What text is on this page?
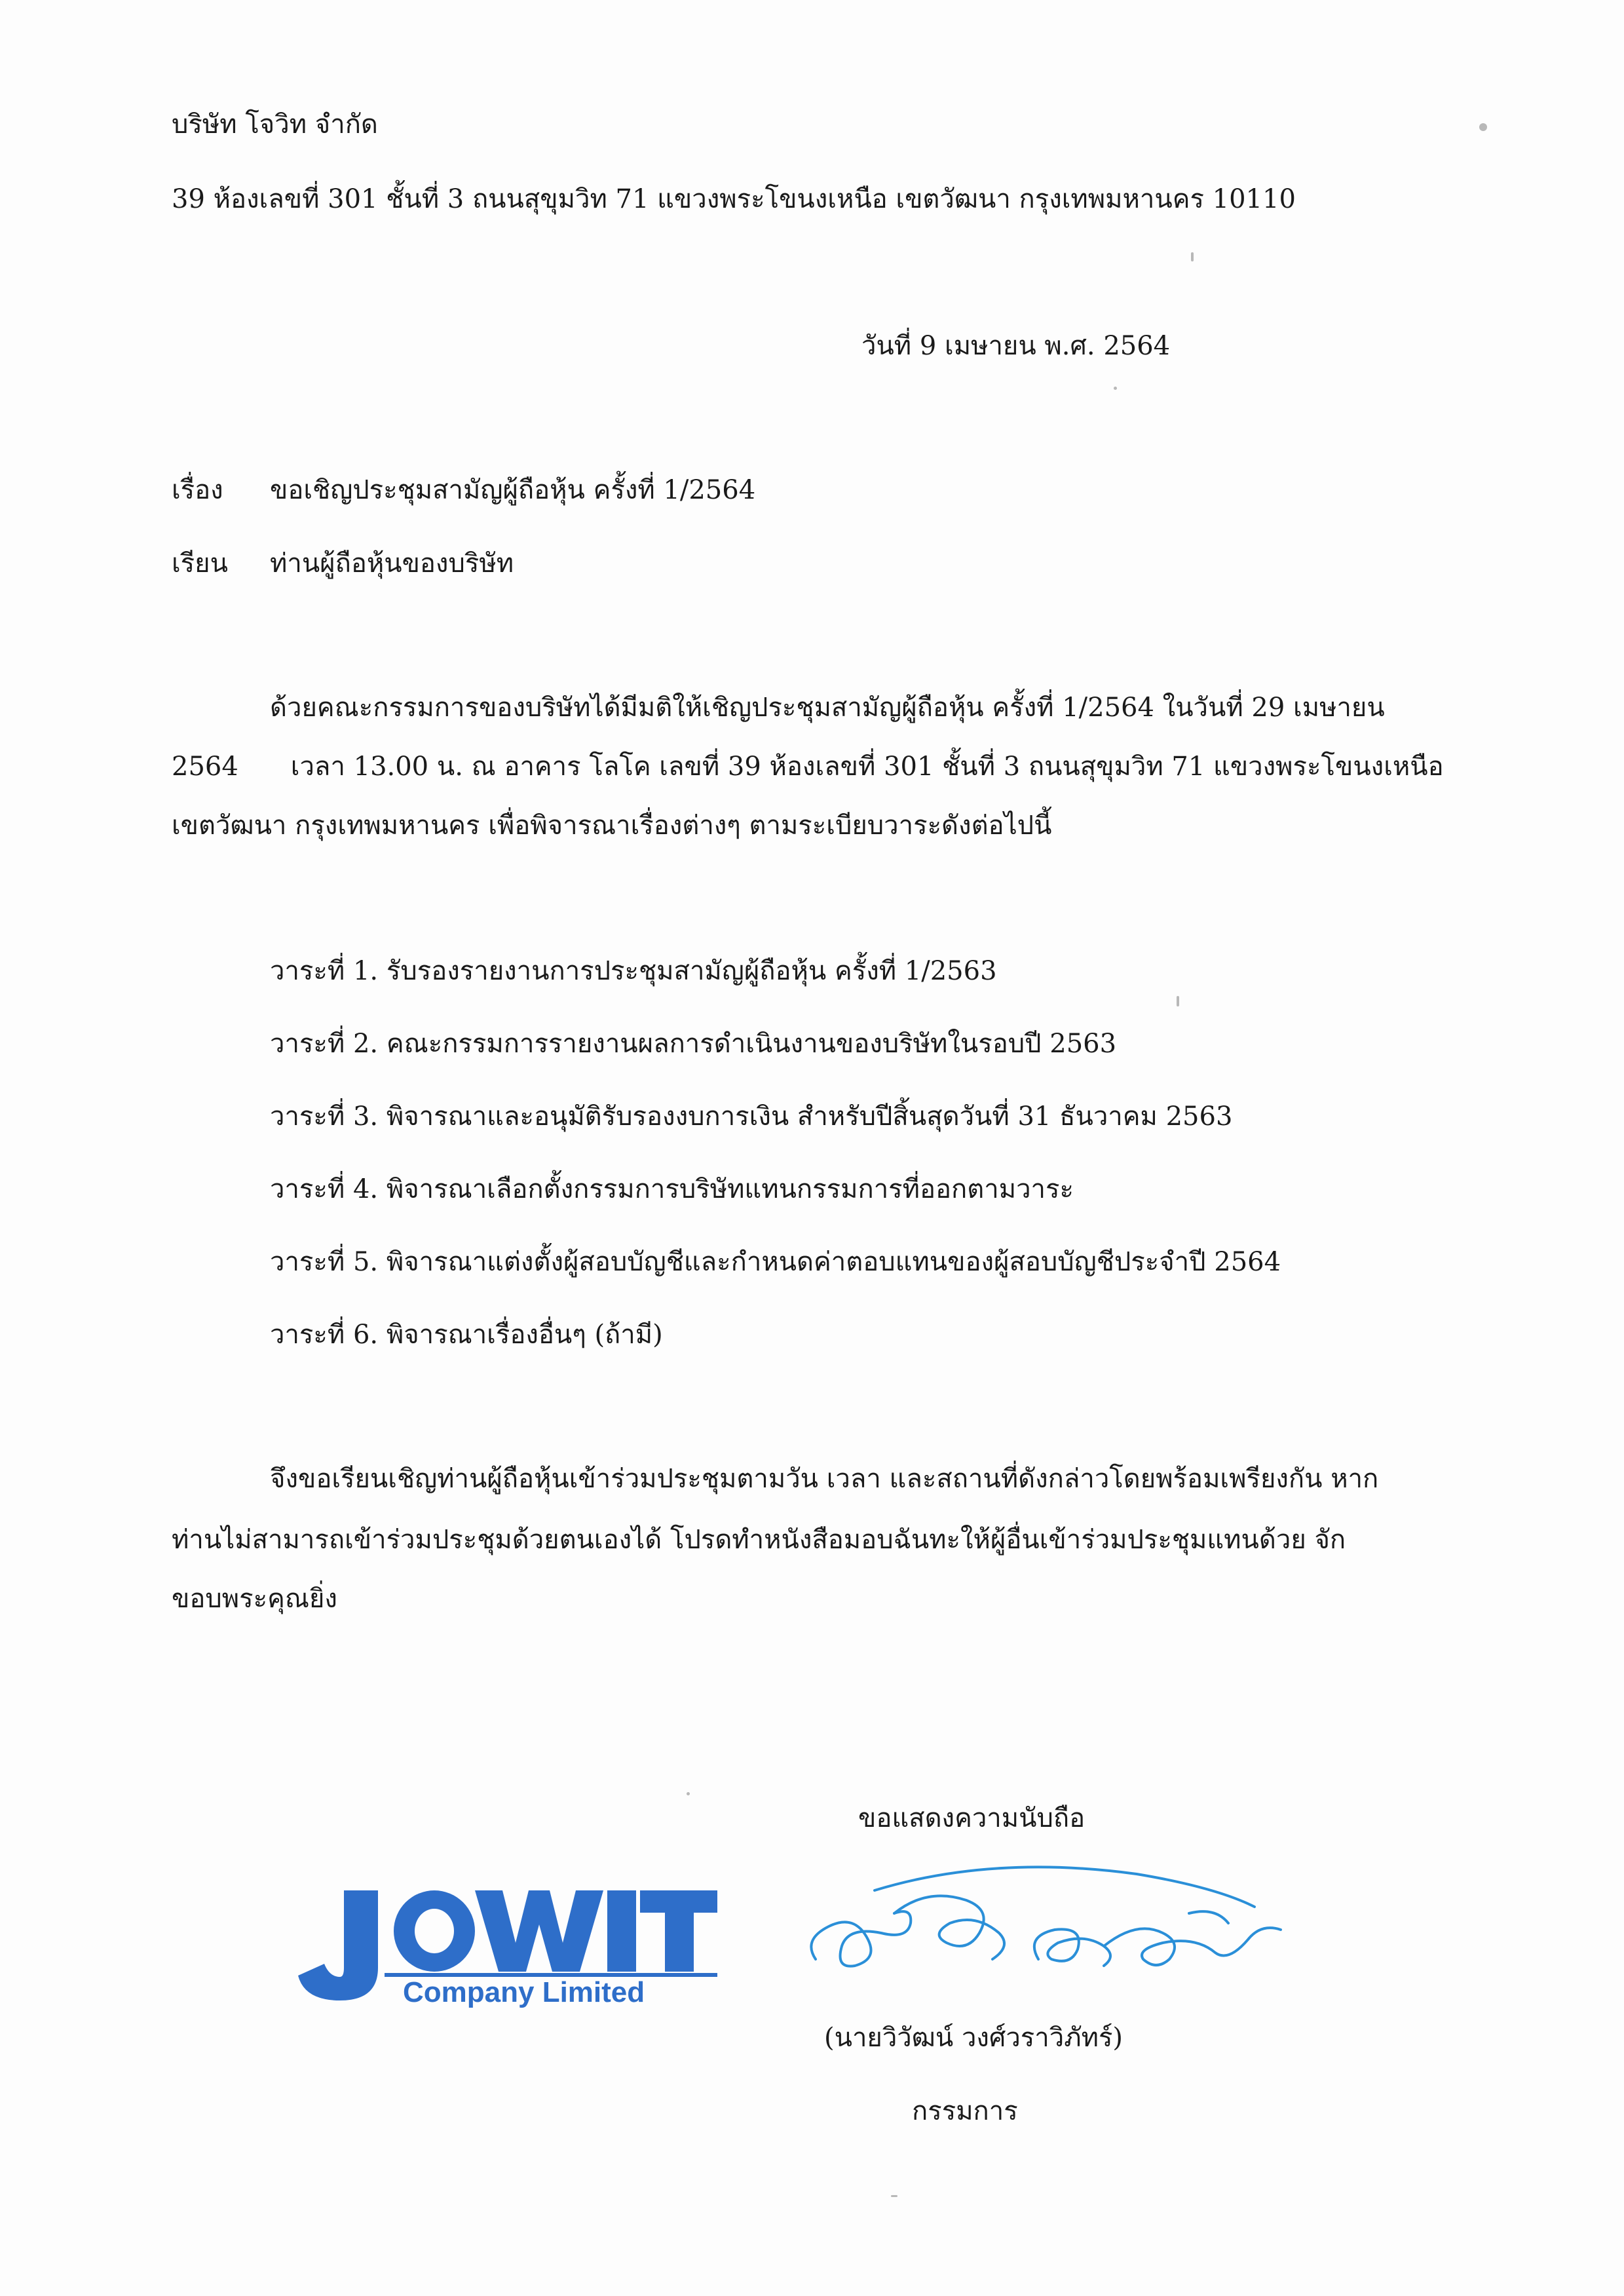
บริษัท โจวิท จำกัด
39 ห้องเลขที่ 301 ชั้นที่ 3 ถนนสุขุมวิท 71 แขวงพระโขนงเหนือ เขตวัฒนา กรุงเทพมหานคร 10110
วันที่ 9 เมษายน พ.ศ. 2564
เรื่อง ขอเชิญประชุมสามัญผู้ถือหุ้น ครั้งที่ 1/2564
เรียน ท่านผู้ถือหุ้นของบริษัท
ด้วยคณะกรรมการของบริษัทได้มีมติให้เชิญประชุมสามัญผู้ถือหุ้น ครั้งที่ 1/2564 ในวันที่ 29 เมษายน
2564 เวลา 13.00 น. ณ อาคาร โลโค เลขที่ 39 ห้องเลขที่ 301 ชั้นที่ 3 ถนนสุขุมวิท 71 แขวงพระโขนงเหนือ
เขตวัฒนา กรุงเทพมหานคร เพื่อพิจารณาเรื่องต่างๆ ตามระเบียบวาระดังต่อไปนี้
วาระที่ 1. รับรองรายงานการประชุมสามัญผู้ถือหุ้น ครั้งที่ 1/2563
วาระที่ 2. คณะกรรมการรายงานผลการดำเนินงานของบริษัทในรอบปี 2563
วาระที่ 3. พิจารณาและอนุมัติรับรองงบการเงิน สำหรับปีสิ้นสุดวันที่ 31 ธันวาคม 2563
วาระที่ 4. พิจารณาเลือกตั้งกรรมการบริษัทแทนกรรมการที่ออกตามวาระ
วาระที่ 5. พิจารณาแต่งตั้งผู้สอบบัญชีและกำหนดค่าตอบแทนของผู้สอบบัญชีประจำปี 2564
วาระที่ 6. พิจารณาเรื่องอื่นๆ (ถ้ามี)
จึงขอเรียนเชิญท่านผู้ถือหุ้นเข้าร่วมประชุมตามวัน เวลา และสถานที่ดังกล่าวโดยพร้อมเพรียงกัน หาก
ท่านไม่สามารถเข้าร่วมประชุมด้วยตนเองได้ โปรดทำหนังสือมอบฉันทะให้ผู้อื่นเข้าร่วมประชุมแทนด้วย จัก
ขอบพระคุณยิ่ง
ขอแสดงความนับถือ
Company Limited
(นายวิวัฒน์ วงศ์วราวิภัทร์)
กรรมการ
